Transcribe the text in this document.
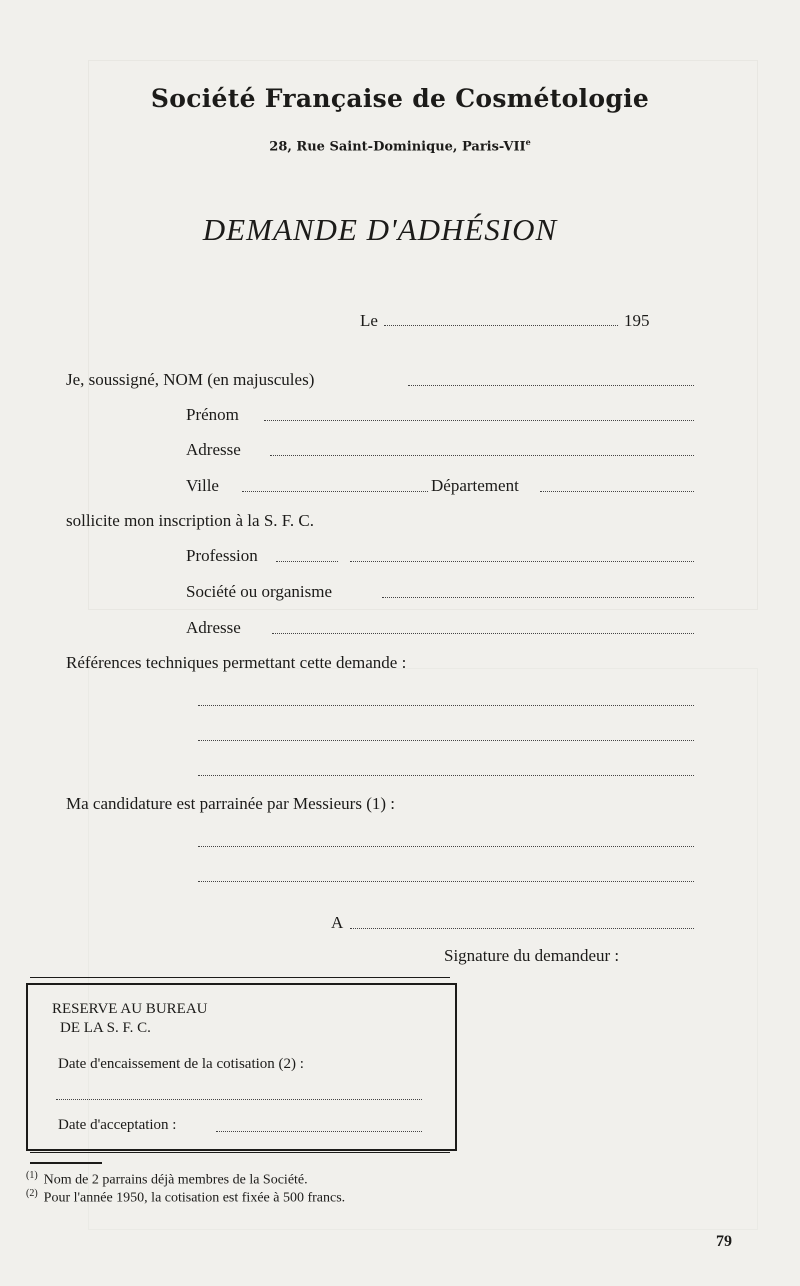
Société Française de Cosmétologie
28, Rue Saint-Dominique, Paris-VIIe
DEMANDE D'ADHÉSION
Le	195
Je, soussigné, NOM (en majuscules)
Prénom
Adresse
Ville	Département
sollicite mon inscription à la S. F. C.
Profession
Société ou organisme
Adresse
Références techniques permettant cette demande :
Ma candidature est parrainée par Messieurs (1) :
A
Signature du demandeur :
RESERVE AU BUREAU
DE LA S. F. C.
Date d'encaissement de la cotisation (2) :
Date d'acceptation :
$^{(1)}$ Nom de 2 parrains déjà membres de la Société.
$^{(2)}$ Pour l'année 1950, la cotisation est fixée à 500 francs.
79
